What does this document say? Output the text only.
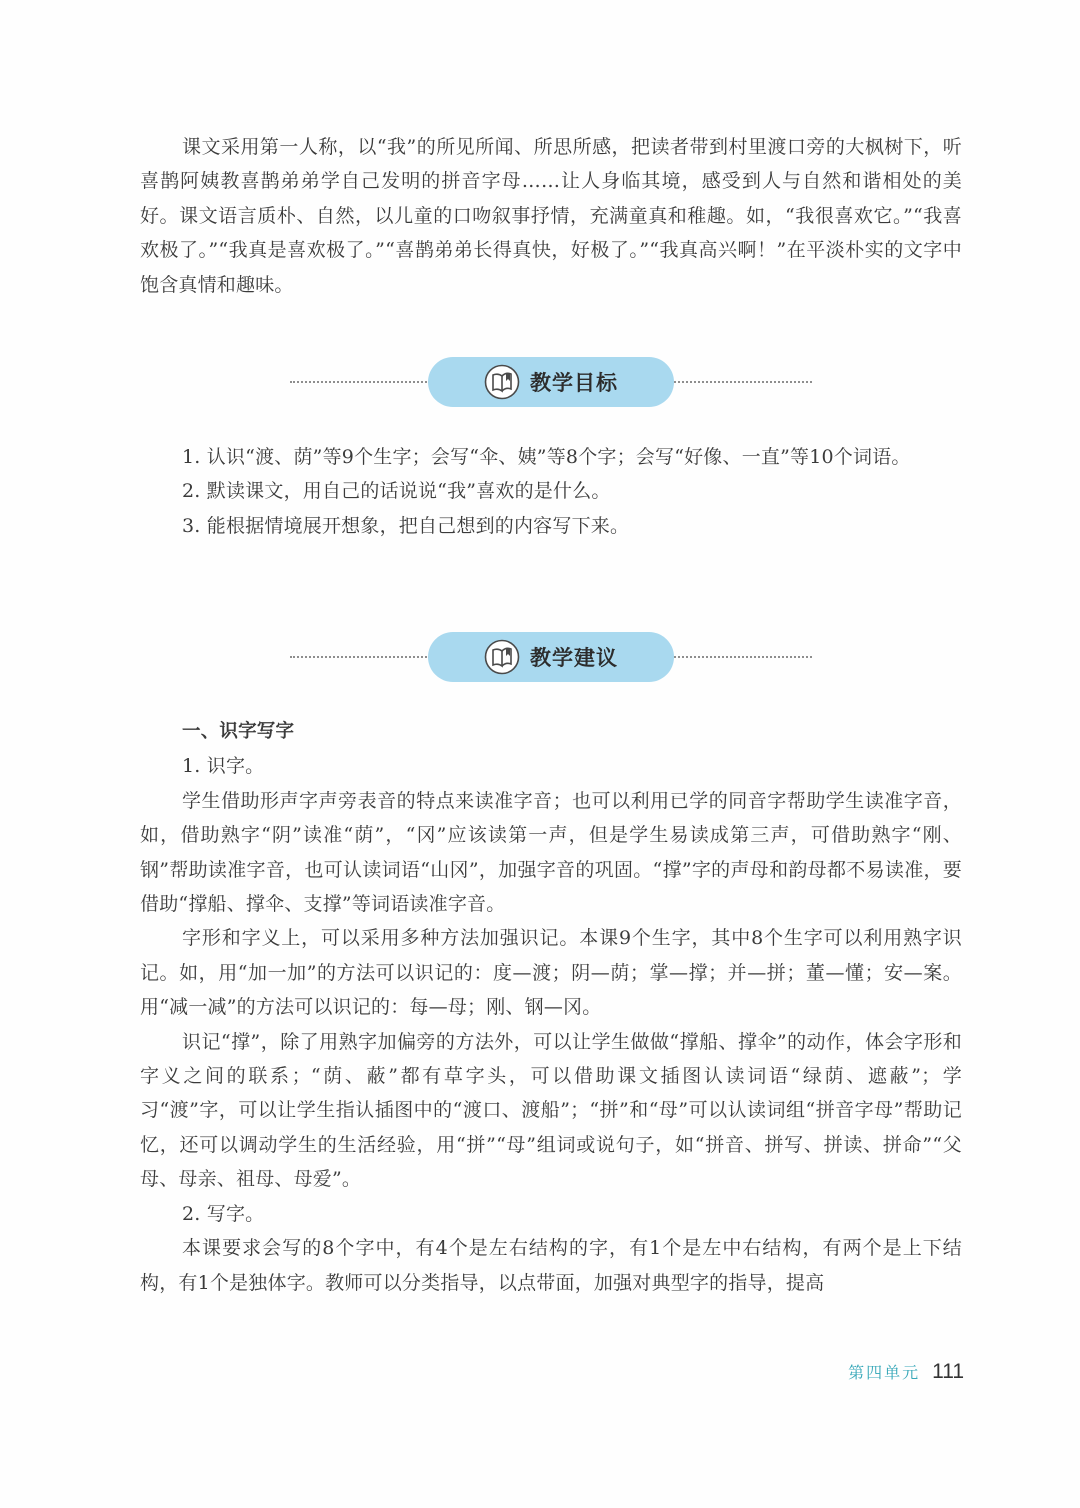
课文采用第一人称，以“我”的所见所闻、所思所感，把读者带到村里渡口旁的大枫树下，听喜鹊阿姨教喜鹊弟弟学自己发明的拼音字母……让人身临其境，感受到人与自然和谐相处的美好。课文语言质朴、自然，以儿童的口吻叙事抒情，充满童真和稚趣。如，“我很喜欢它。”“我喜欢极了。”“我真是喜欢极了。”“喜鹊弟弟长得真快，好极了。”“我真高兴啊！”在平淡朴实的文字中饱含真情和趣味。

教学目标

1. 认识“渡、荫”等9个生字；会写“伞、姨”等8个字；会写“好像、一直”等10个词语。

2. 默读课文，用自己的话说说“我”喜欢的是什么。

3. 能根据情境展开想象，把自己想到的内容写下来。

教学建议

一、识字写字

1. 识字。

学生借助形声字声旁表音的特点来读准字音；也可以利用已学的同音字帮助学生读准字音，如，借助熟字“阴”读准“荫”，“冈”应该读第一声，但是学生易读成第三声，可借助熟字“刚、钢”帮助读准字音，也可认读词语“山冈”，加强字音的巩固。“撑”字的声母和韵母都不易读准，要借助“撑船、撑伞、支撑”等词语读准字音。

字形和字义上，可以采用多种方法加强识记。本课9个生字，其中8个生字可以利用熟字识记。如，用“加一加”的方法可以识记的：度—渡；阴—荫；掌—撑；并—拼；董—懂；安—案。用“减一减”的方法可以识记的：每—母；刚、钢—冈。

识记“撑”，除了用熟字加偏旁的方法外，可以让学生做做“撑船、撑伞”的动作，体会字形和字义之间的联系；“荫、蔽”都有草字头，可以借助课文插图认读词语“绿荫、遮蔽”；学习“渡”字，可以让学生指认插图中的“渡口、渡船”；“拼”和“母”可以认读词组“拼音字母”帮助记忆，还可以调动学生的生活经验，用“拼”“母”组词或说句子，如“拼音、拼写、拼读、拼命”“父母、母亲、祖母、母爱”。

2. 写字。

本课要求会写的8个字中，有4个是左右结构的字，有1个是左中右结构，有两个是上下结构，有1个是独体字。教师可以分类指导，以点带面，加强对典型字的指导，提高

第四单元 111
